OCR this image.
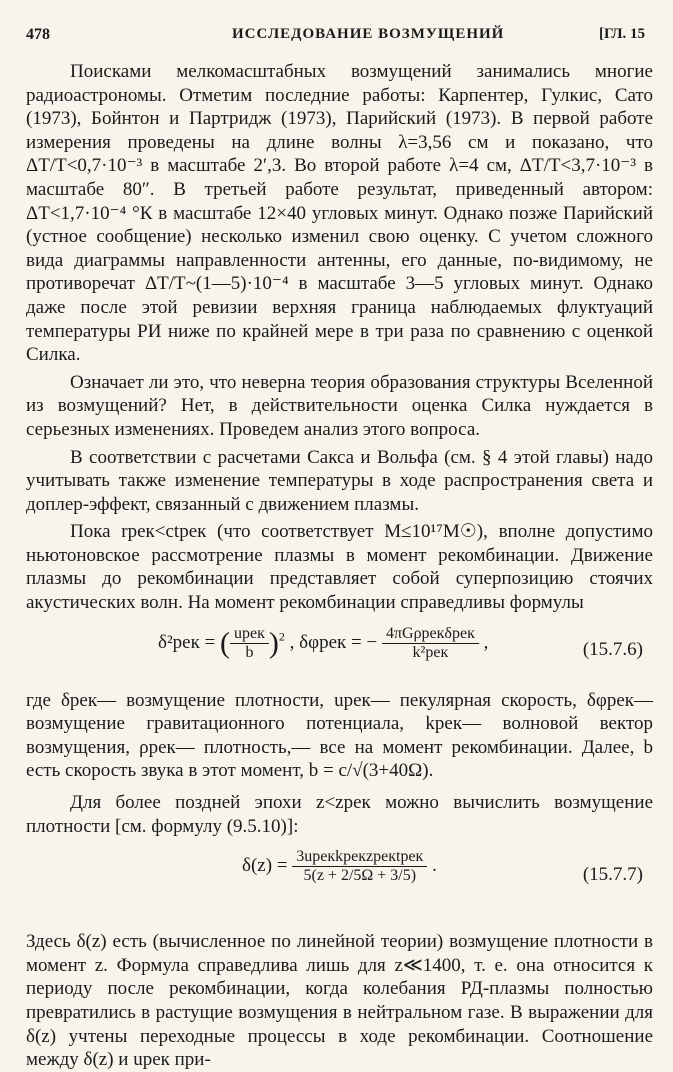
478	ИССЛЕДОВАНИЕ ВОЗМУЩЕНИЙ	[ГЛ. 15

Поисками мелкомасштабных возмущений занимались многие радиоастрономы. Отметим последние работы: Карпентер, Гулкис, Сато (1973), Бойнтон и Партридж (1973), Парийский (1973). В первой работе измерения проведены на длине волны λ=3,56 см и показано, что ΔT/T<0,7·10⁻³ в масштабе 2′,3. Во второй работе λ=4 см, ΔT/T<3,7·10⁻³ в масштабе 80″. В третьей работе результат, приведенный автором: ΔT<1,7·10⁻⁴ °К в масштабе 12×40 угловых минут. Однако позже Парийский (устное сообщение) несколько изменил свою оценку. С учетом сложного вида диаграммы направленности антенны, его данные, по-видимому, не противоречат ΔT/T~(1—5)·10⁻⁴ в масштабе 3—5 угловых минут. Однако даже после этой ревизии верхняя граница наблюдаемых флуктуаций температуры РИ ниже по крайней мере в три раза по сравнению с оценкой Силка.

Означает ли это, что неверна теория образования структуры Вселенной из возмущений? Нет, в действительности оценка Силка нуждается в серьезных изменениях. Проведем анализ этого вопроса.

В соответствии с расчетами Сакса и Вольфа (см. § 4 этой главы) надо учитывать также изменение температуры в ходе распространения света и доплер-эффект, связанный с движением плазмы.

Пока rрек<ctрек (что соответствует M≤10¹⁷M☉), вполне допустимо ньютоновское рассмотрение плазмы в момент рекомбинации. Движение плазмы до рекомбинации представляет собой суперпозицию стоячих акустических волн. На момент рекомбинации справедливы формулы

δ²рек = ( $\frac{\text{uрек}}{b} )^2$ , δφрек = − $\frac{\text{4πGρрекδрек}}{\text{k²рек}}$ ,	(15.7.6)

где δрек— возмущение плотности, uрек— пекулярная скорость, δφрек— возмущение гравитационного потенциала, kрек— волновой вектор возмущения, ρрек— плотность,— все на момент рекомбинации. Далее, b есть скорость звука в этот момент, b = c/√(3+40Ω).

Для более поздней эпохи z<zрек можно вычислить возмущение плотности [см. формулу (9.5.10)]:

$\delta(z) = \frac{\text{3uрекkрекzрекtрек}}{5(z + 2/5\Omega + 3/5)}$ .	(15.7.7)

Здесь δ(z) есть (вычисленное по линейной теории) возмущение плотности в момент z. Формула справедлива лишь для z≪1400, т. е. она относится к периоду после рекомбинации, когда колебания РД-плазмы полностью превратились в растущие возмущения в нейтральном газе. В выражении для δ(z) учтены переходные процессы в ходе рекомбинации. Соотношение между δ(z) и uрек при-
